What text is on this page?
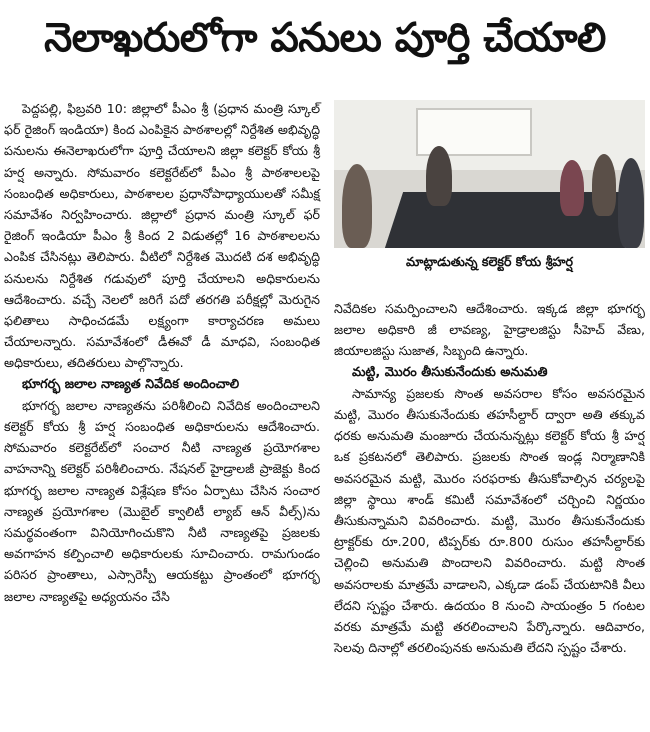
నెలాఖరులోగా పనులు పూర్తి చేయాలి

పెద్దపల్లి, ఫిబ్రవరి 10: జిల్లాలో పీఎం శ్రీ (ప్రధాన మంత్రి స్కూల్ ఫర్ రైజింగ్ ఇండియా) కింద ఎంపికైన పాఠశాలల్లో నిర్దేశిత అభివృద్ధి పనులను ఈనెలాఖరులోగా పూర్తి చేయాలని జిల్లా కలెక్టర్ కోయ శ్రీ హర్ష అన్నారు. సోమవారం కలెక్టరేట్‌లో పీఎం శ్రీ పాఠశాలలపై సంబంధిత అధికారులు, పాఠశాలల ప్రధానోపాధ్యాయులతో సమీక్ష సమావేశం నిర్వహించారు. జిల్లాలో ప్రధాన మంత్రి స్కూల్ ఫర్ రైజింగ్ ఇండియా పీఎం శ్రీ కింద 2 విడుతల్లో 16 పాఠశాలలను ఎంపిక చేసినట్లు తెలిపారు. వీటిలో నిర్దేశిత మొదటి దశ అభివృద్ధి పనులను నిర్దేశిత గడువులో పూర్తి చేయాలని అధికారులను ఆదేశించారు. వచ్చే నెలలో జరిగే పదో తరగతి పరీక్షల్లో మెరుగైన ఫలితాలు సాధించడమే లక్ష్యంగా కార్యాచరణ అమలు చేయాలన్నారు. సమావేశంలో డీఈవో డీ మాధవి, సంబంధిత అధికారులు, తదితరులు పాల్గొన్నారు.

భూగర్భ జలాల నాణ్యత నివేదిక అందించాలి

భూగర్భ జలాల నాణ్యతను పరిశీలించి నివేదిక అందించాలని కలెక్టర్ కోయ శ్రీ హర్ష సంబంధిత అధికారులను ఆదేశించారు. సోమవారం కలెక్టరేట్‌లో సంచార నీటి నాణ్యత ప్రయోగశాల వాహనాన్ని కలెక్టర్ పరిశీలించారు. నేషనల్ హైడ్రాలజీ ప్రాజెక్టు కింద భూగర్భ జలాల నాణ్యత విశ్లేషణ కోసం ఏర్పాటు చేసిన సంచార నాణ్యత ప్రయోగశాల (మొబైల్ క్వాలిటీ ల్యాబ్ ఆన్ వీల్స్)ను సమర్థవంతంగా వినియోగించుకొని నీటి నాణ్యతపై ప్రజలకు అవగాహన కల్పించాలి అధికారులకు సూచించారు. రామగుండం పరిసర ప్రాంతాలు, ఎస్సారెస్పీ ఆయకట్టు ప్రాంతంలో భూగర్భ జలాల నాణ్యతపై అధ్యయనం చేసి

మాట్లాడుతున్న కలెక్టర్ కోయ శ్రీహర్ష

నివేదికల సమర్పించాలని ఆదేశించారు. ఇక్కడ జిల్లా భూగర్భ జలాల అధికారి జీ లావణ్య, హైడ్రాలజిస్టు సీహెచ్ వేణు, జియాలజిస్టు సుజాత, సిబ్బంది ఉన్నారు.

మట్టి, మొరం తీసుకునేందుకు అనుమతి

సామాన్య ప్రజలకు సొంత అవసరాల కోసం అవసరమైన మట్టి, మొరం తీసుకునేందుకు తహసీల్దార్ ద్వారా అతి తక్కువ ధరకు అనుమతి మంజూరు చేయనున్నట్లు కలెక్టర్ కోయ శ్రీ హర్ష ఒక ప్రకటనలో తెలిపారు. ప్రజలకు సొంత ఇండ్ల నిర్మాణానికి అవసరమైన మట్టి, మొరం సరఫరాకు తీసుకోవాల్సిన చర్యలపై జిల్లా స్థాయి శాండ్ కమిటీ సమావేశంలో చర్చించి నిర్ణయం తీసుకున్నామని వివరించారు. మట్టి, మొరం తీసుకునేందుకు ట్రాక్టర్‌కు రూ.200, టిప్పర్‌కు రూ.800 రుసుం తహసీల్దార్‌కు చెల్లించి అనుమతి పొందాలని వివరించారు. మట్టి సొంత అవసరాలకు మాత్రమే వాడాలని, ఎక్కడా డంప్ చేయటానికి వీలు లేదని స్పష్టం చేశారు. ఉదయం 8 నుంచి సాయంత్రం 5 గంటల వరకు మాత్రమే మట్టి తరలించాలని పేర్కొన్నారు. ఆదివారం, సెలవు దినాల్లో తరలింపునకు అనుమతి లేదని స్పష్టం చేశారు.
